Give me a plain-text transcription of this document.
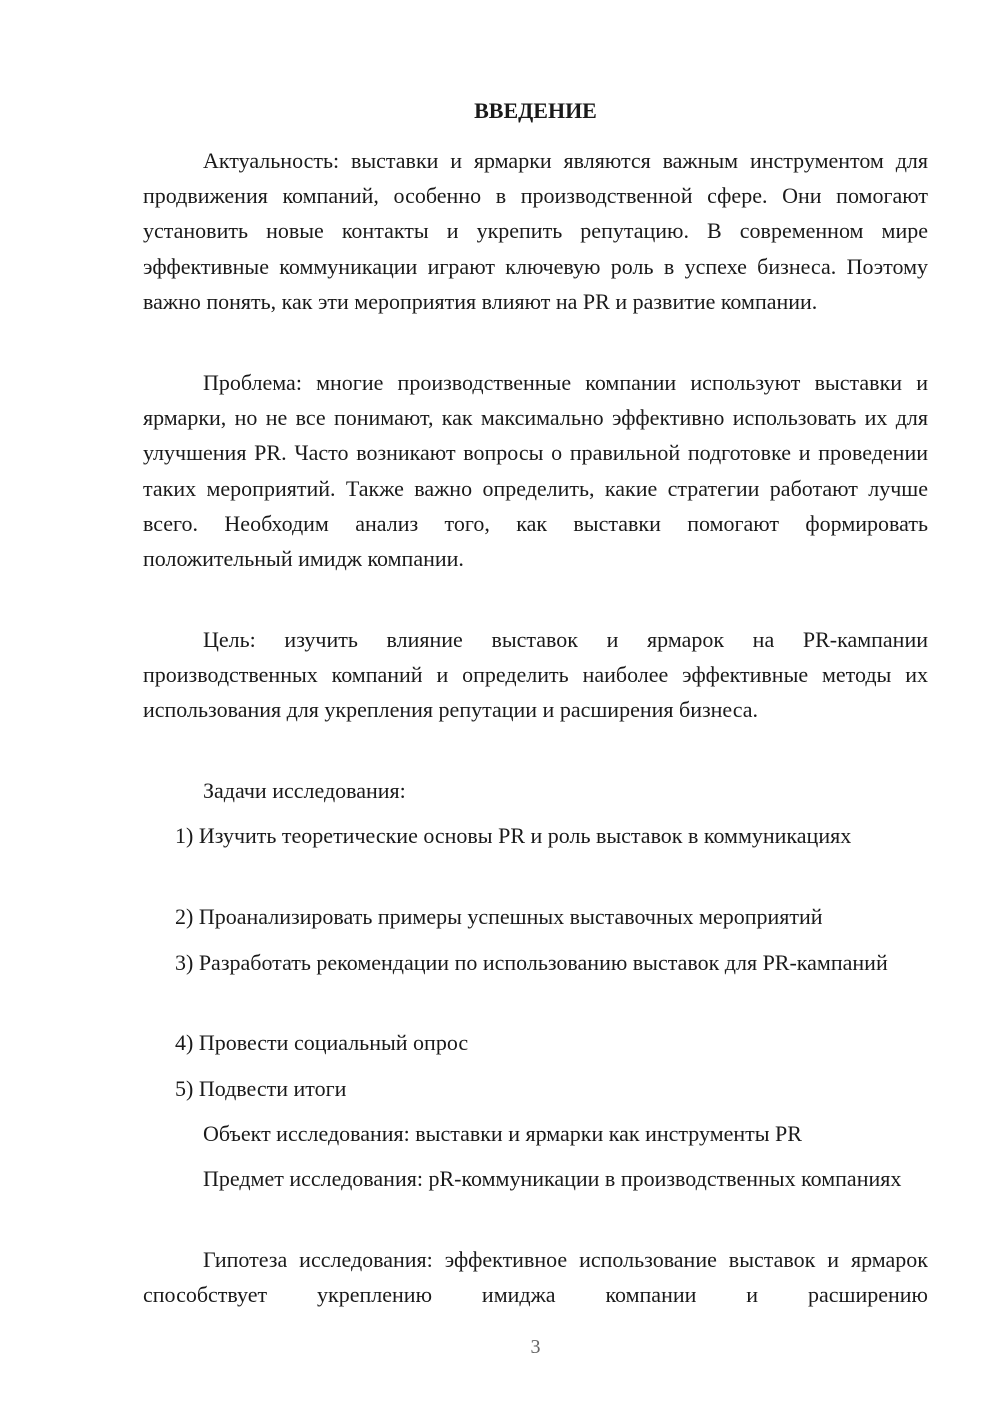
ВВЕДЕНИЕ

Актуальность: выставки и ярмарки являются важным инструментом для продвижения компаний, особенно в производственной сфере. Они помогают установить новые контакты и укрепить репутацию. В современном мире эффективные коммуникации играют ключевую роль в успехе бизнеса. Поэтому важно понять, как эти мероприятия влияют на PR и развитие компании.

Проблема: многие производственные компании используют выставки и ярмарки, но не все понимают, как максимально эффективно использовать их для улучшения PR. Часто возникают вопросы о правильной подготовке и проведении таких мероприятий. Также важно определить, какие стратегии работают лучше всего. Необходим анализ того, как выставки помогают формировать положительный имидж компании.

Цель: изучить влияние выставок и ярмарок на PR-кампании производственных компаний и определить наиболее эффективные методы их использования для укрепления репутации и расширения бизнеса.

Задачи исследования:

1) Изучить теоретические основы PR и роль выставок в коммуникациях

2) Проанализировать примеры успешных выставочных мероприятий

3) Разработать рекомендации по использованию выставок для PR-кампаний

4) Провести социальный опрос

5) Подвести итоги

Объект исследования: выставки и ярмарки как инструменты PR

Предмет исследования: pR-коммуникации в производственных компаниях

Гипотеза исследования: эффективное использование выставок и ярмарок способствует укреплению имиджа компании и расширению

3
